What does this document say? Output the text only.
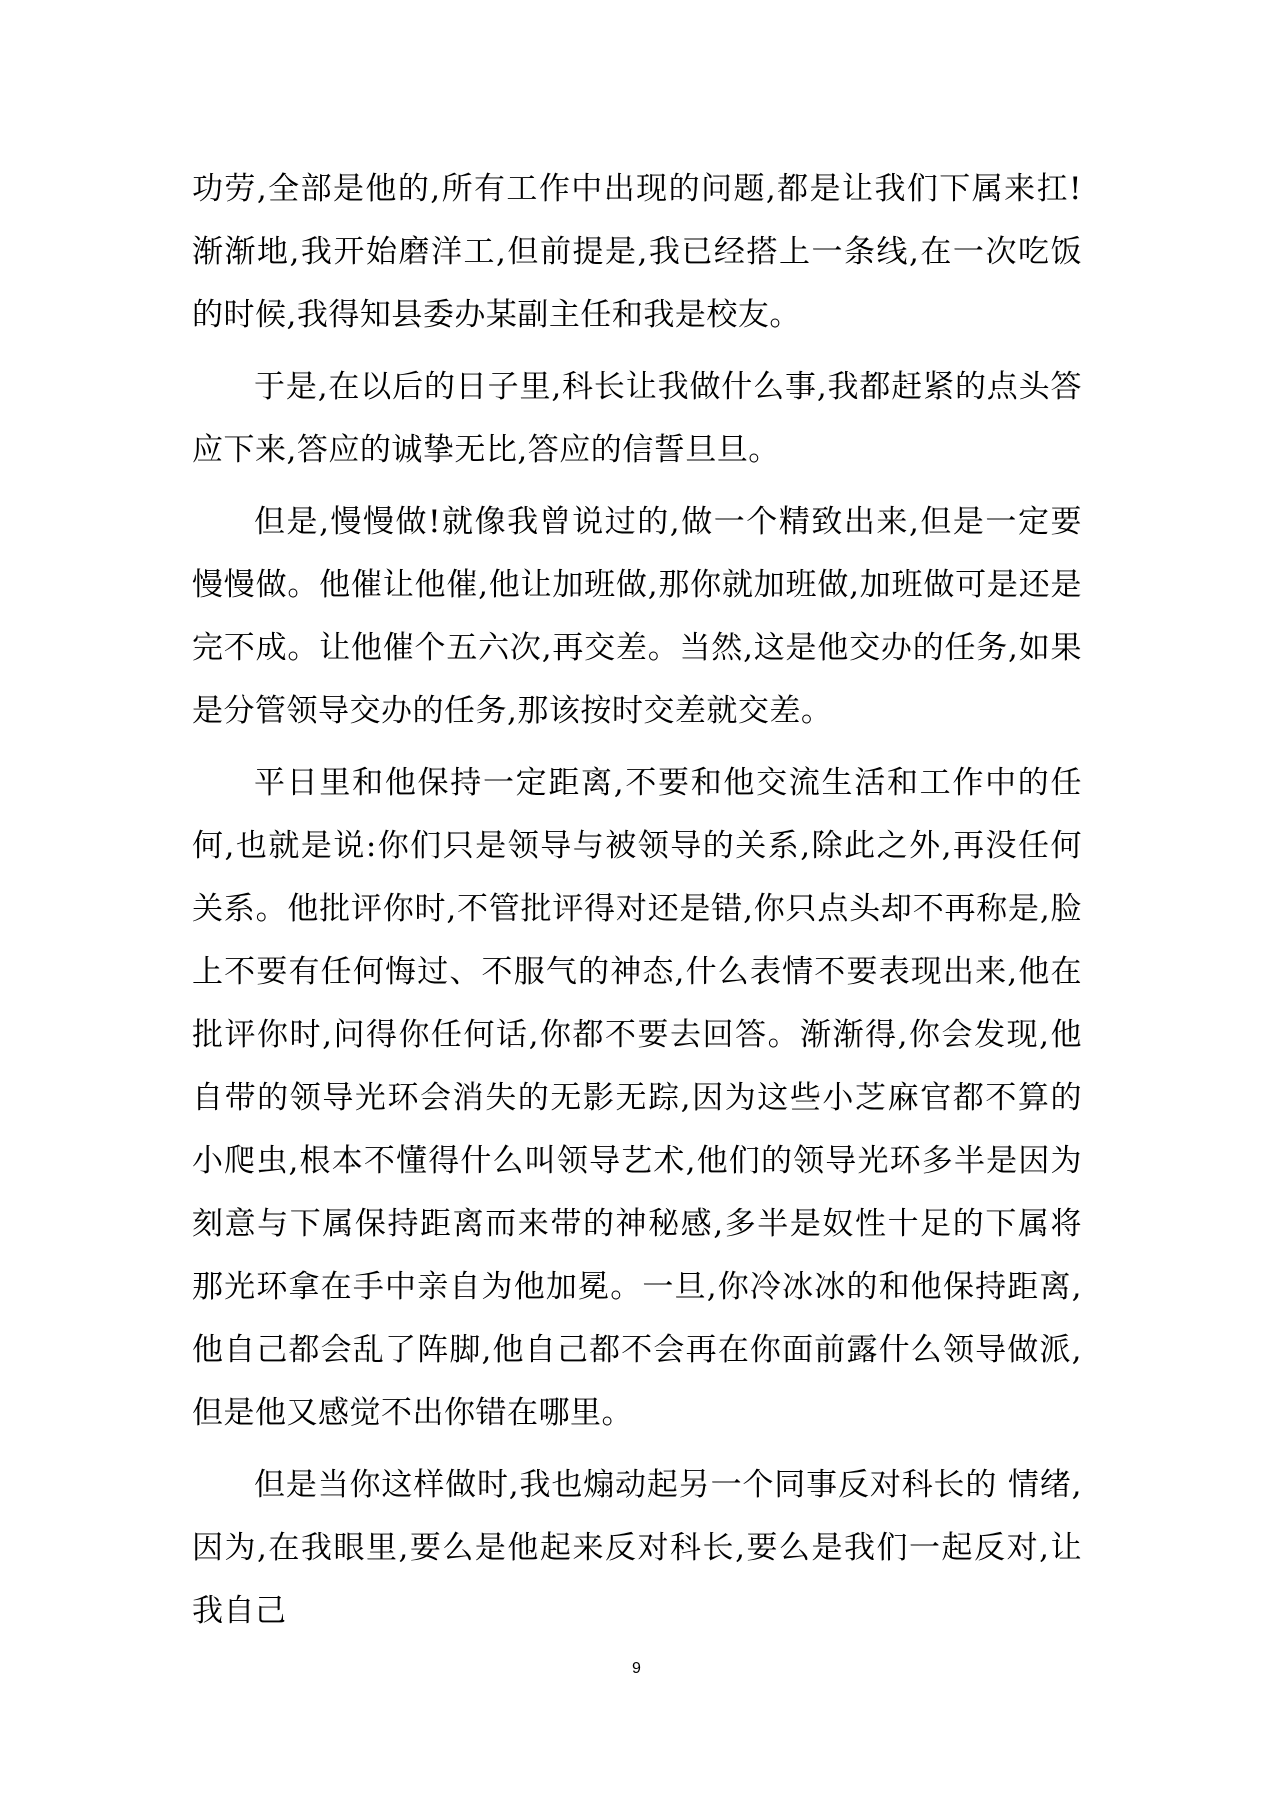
功劳,全部是他的,所有工作中出现的问题,都是让我们下属来扛!渐渐地,我开始磨洋工,但前提是,我已经搭上一条线,在一次吃饭的时候,我得知县委办某副主任和我是校友。

于是,在以后的日子里,科长让我做什么事,我都赶紧的点头答应下来,答应的诚挚无比,答应的信誓旦旦。

但是,慢慢做!就像我曾说过的,做一个精致出来,但是一定要慢慢做。他催让他催,他让加班做,那你就加班做,加班做可是还是完不成。让他催个五六次,再交差。当然,这是他交办的任务,如果是分管领导交办的任务,那该按时交差就交差。

平日里和他保持一定距离,不要和他交流生活和工作中的任何,也就是说:你们只是领导与被领导的关系,除此之外,再没任何关系。他批评你时,不管批评得对还是错,你只点头却不再称是,脸上不要有任何悔过、不服气的神态,什么表情不要表现出来,他在批评你时,问得你任何话,你都不要去回答。渐渐得,你会发现,他自带的领导光环会消失的无影无踪,因为这些小芝麻官都不算的小爬虫,根本不懂得什么叫领导艺术,他们的领导光环多半是因为刻意与下属保持距离而来带的神秘感,多半是奴性十足的下属将那光环拿在手中亲自为他加冕。一旦,你冷冰冰的和他保持距离,他自己都会乱了阵脚,他自己都不会再在你面前露什么领导做派,但是他又感觉不出你错在哪里。

但是当你这样做时,我也煽动起另一个同事反对科长的 情绪,因为,在我眼里,要么是他起来反对科长,要么是我们一起反对,让我自己

9
